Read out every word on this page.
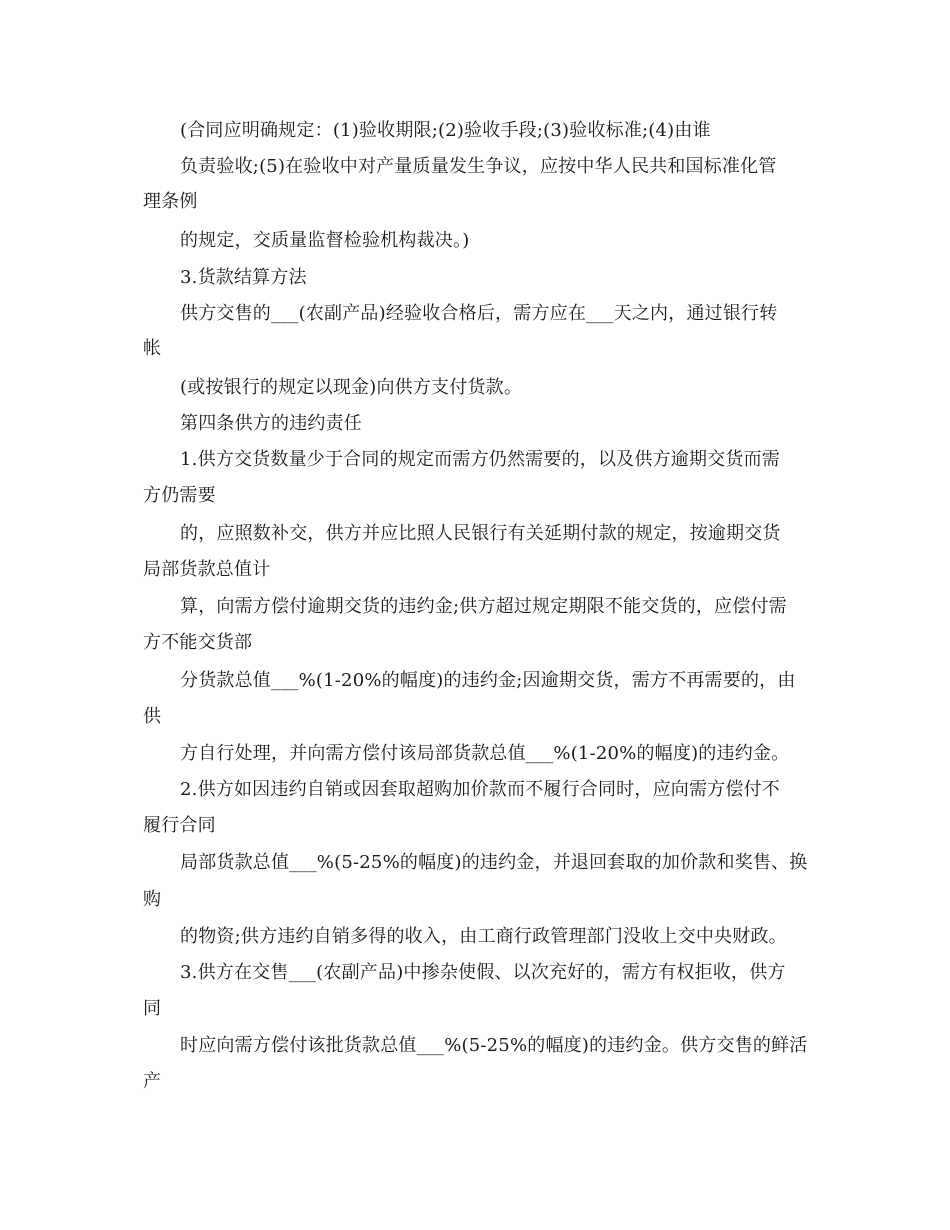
(合同应明确规定：(1)验收期限;(2)验收手段;(3)验收标准;(4)由谁

负责验收;(5)在验收中对产量质量发生争议，应按中华人民共和国标准化管

理条例

的规定，交质量监督检验机构裁决。)

3.货款结算方法

供方交售的___(农副产品)经验收合格后，需方应在___天之内，通过银行转

帐

(或按银行的规定以现金)向供方支付货款。

第四条供方的违约责任

1.供方交货数量少于合同的规定而需方仍然需要的，以及供方逾期交货而需

方仍需要

的，应照数补交，供方并应比照人民银行有关延期付款的规定，按逾期交货

局部货款总值计

算，向需方偿付逾期交货的违约金;供方超过规定期限不能交货的，应偿付需

方不能交货部

分货款总值___%(1-20%的幅度)的违约金;因逾期交货，需方不再需要的，由

供

方自行处理，并向需方偿付该局部货款总值___%(1-20%的幅度)的违约金。

2.供方如因违约自销或因套取超购加价款而不履行合同时，应向需方偿付不

履行合同

局部货款总值___%(5-25%的幅度)的违约金，并退回套取的加价款和奖售、换

购

的物资;供方违约自销多得的收入，由工商行政管理部门没收上交中央财政。

3.供方在交售___(农副产品)中掺杂使假、以次充好的，需方有权拒收，供方

同

时应向需方偿付该批货款总值___%(5-25%的幅度)的违约金。供方交售的鲜活

产
